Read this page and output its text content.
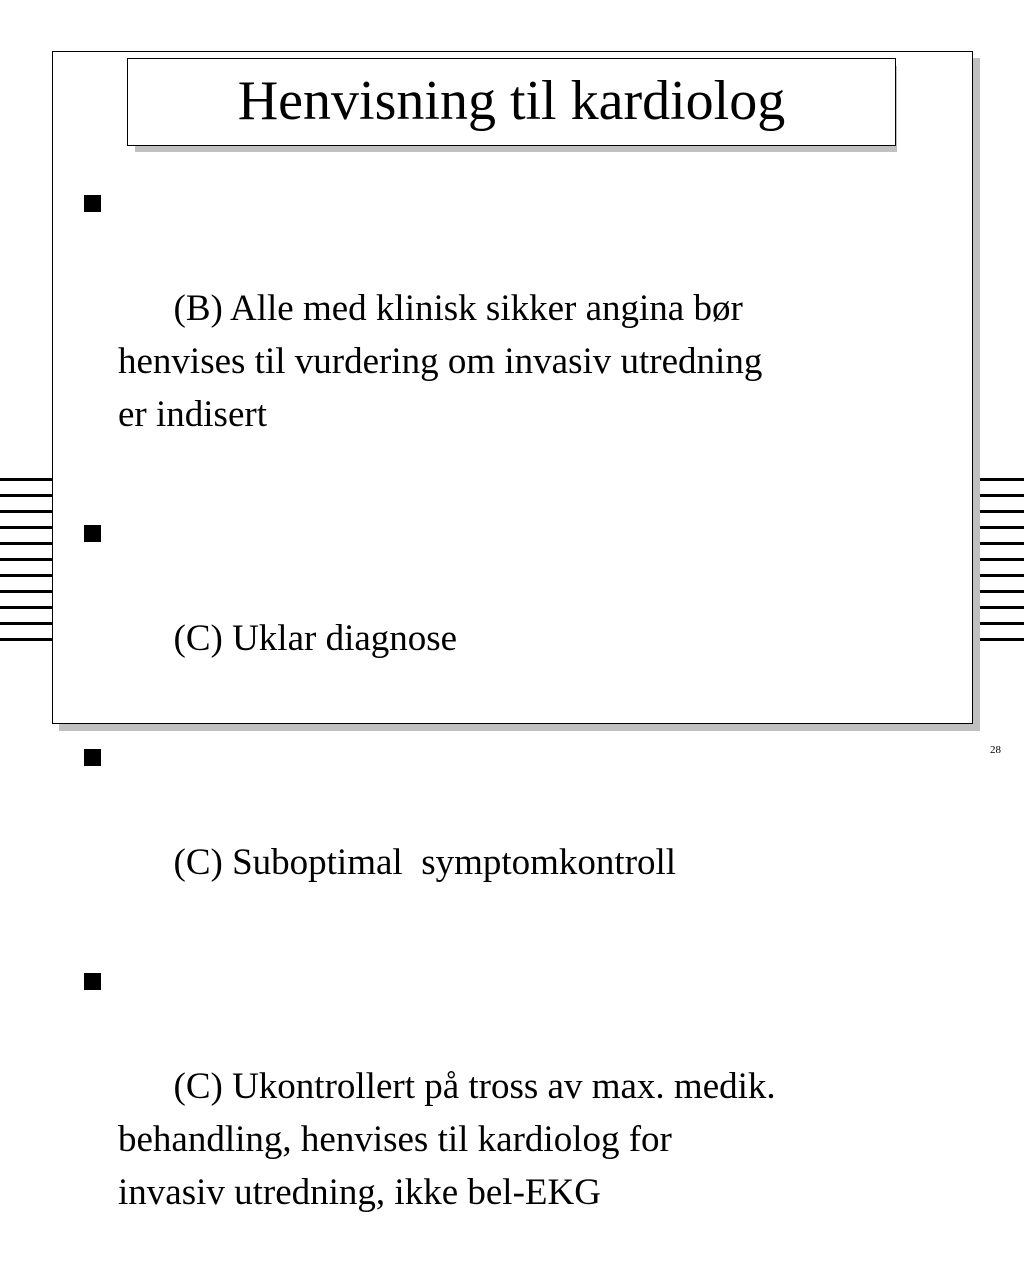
Henvisning til kardiolog

(B) Alle med klinisk sikker angina bør
henvises til vurdering om invasiv utredning
er indisert

(C) Uklar diagnose

(C) Suboptimal  symptomkontroll

(C) Ukontrollert på tross av max. medik.
behandling, henvises til kardiolog for
invasiv utredning, ikke bel-EKG

28
